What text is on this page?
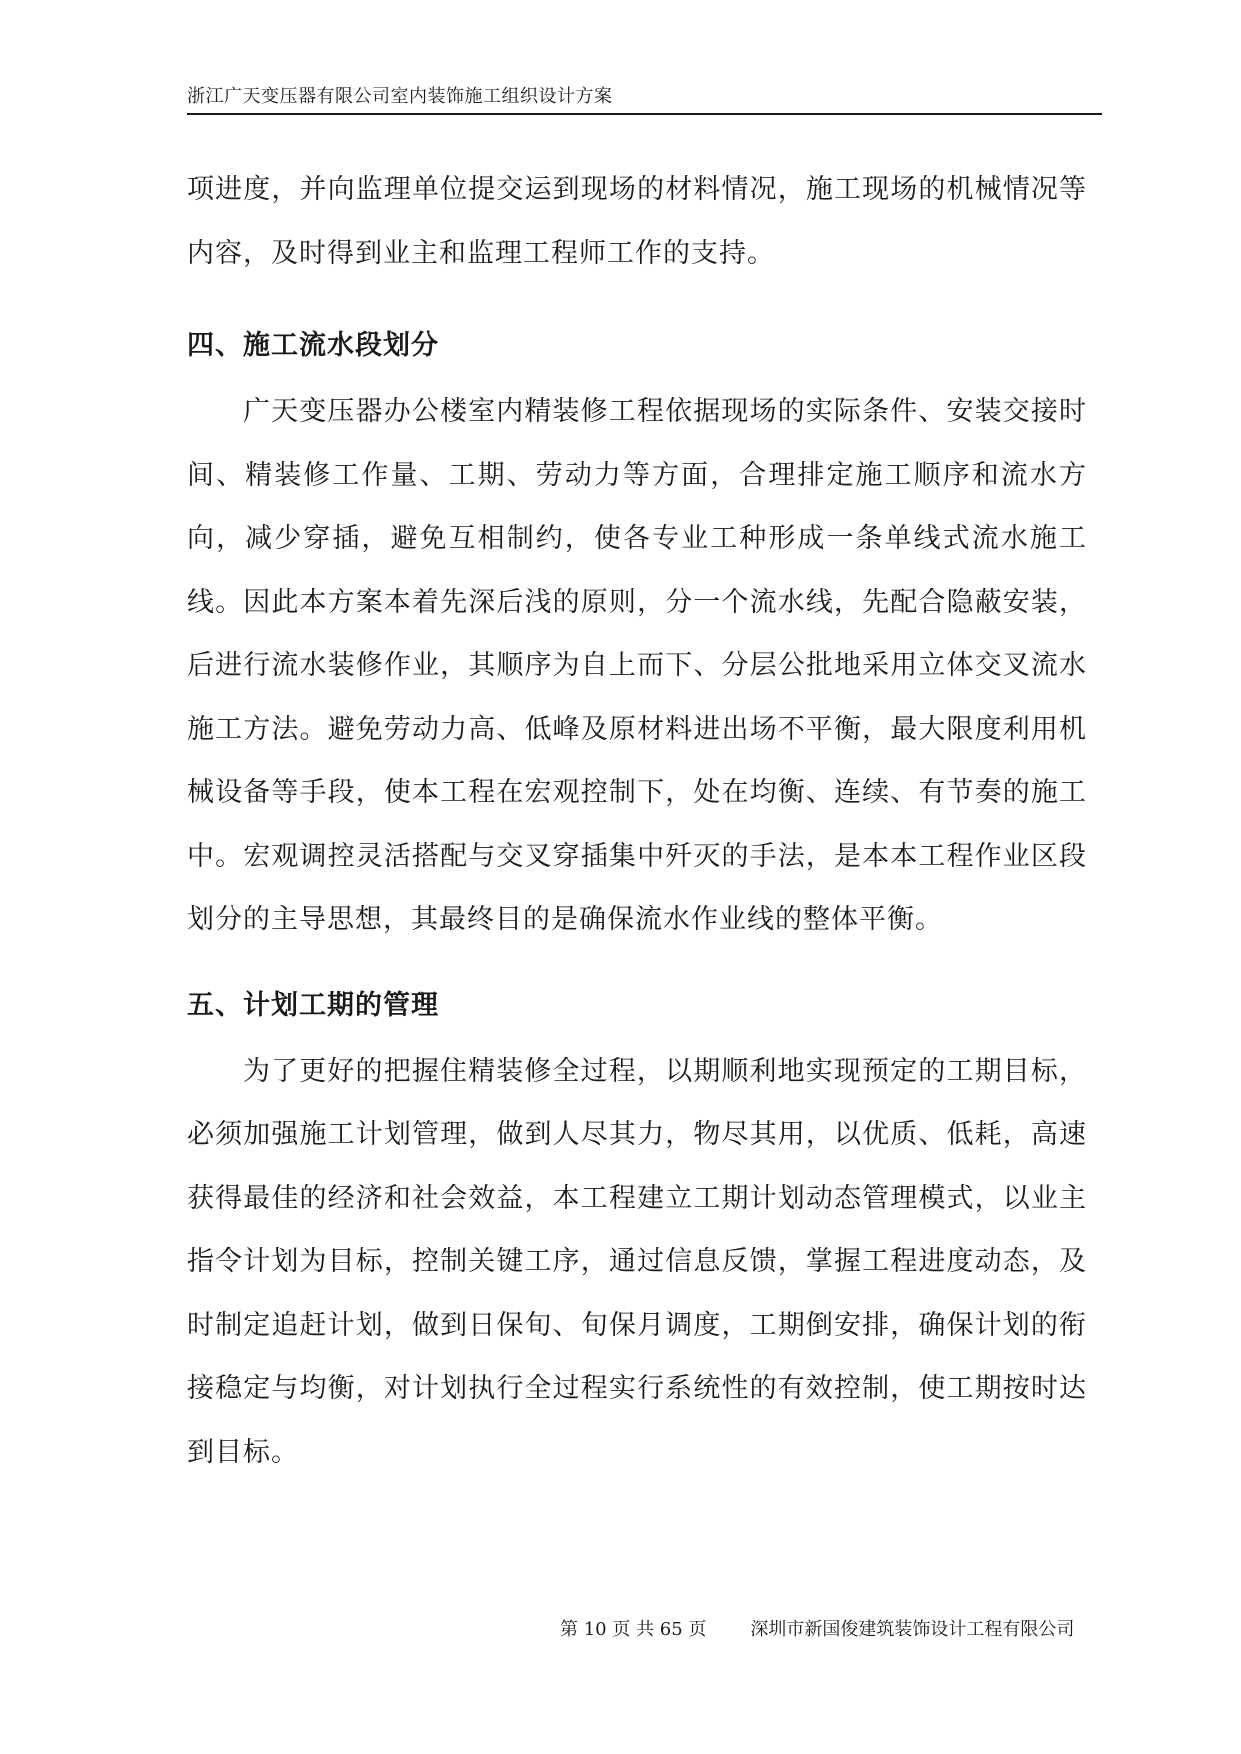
浙江广天变压器有限公司室内装饰施工组织设计方案

项进度，并向监理单位提交运到现场的材料情况，施工现场的机械情况等内容，及时得到业主和监理工程师工作的支持。

四、施工流水段划分

广天变压器办公楼室内精装修工程依据现场的实际条件、安装交接时间、精装修工作量、工期、劳动力等方面，合理排定施工顺序和流水方向，减少穿插，避免互相制约，使各专业工种形成一条单线式流水施工线。因此本方案本着先深后浅的原则，分一个流水线，先配合隐蔽安装，后进行流水装修作业，其顺序为自上而下、分层公批地采用立体交叉流水施工方法。避免劳动力高、低峰及原材料进出场不平衡，最大限度利用机械设备等手段，使本工程在宏观控制下，处在均衡、连续、有节奏的施工中。宏观调控灵活搭配与交叉穿插集中歼灭的手法，是本本工程作业区段划分的主导思想，其最终目的是确保流水作业线的整体平衡。

五、计划工期的管理

为了更好的把握住精装修全过程，以期顺利地实现预定的工期目标，必须加强施工计划管理，做到人尽其力，物尽其用，以优质、低耗，高速获得最佳的经济和社会效益，本工程建立工期计划动态管理模式，以业主指令计划为目标，控制关键工序，通过信息反馈，掌握工程进度动态，及时制定追赶计划，做到日保旬、旬保月调度，工期倒安排，确保计划的衔接稳定与均衡，对计划执行全过程实行系统性的有效控制，使工期按时达到目标。

第 10 页 共 65 页 深圳市新国俊建筑装饰设计工程有限公司
